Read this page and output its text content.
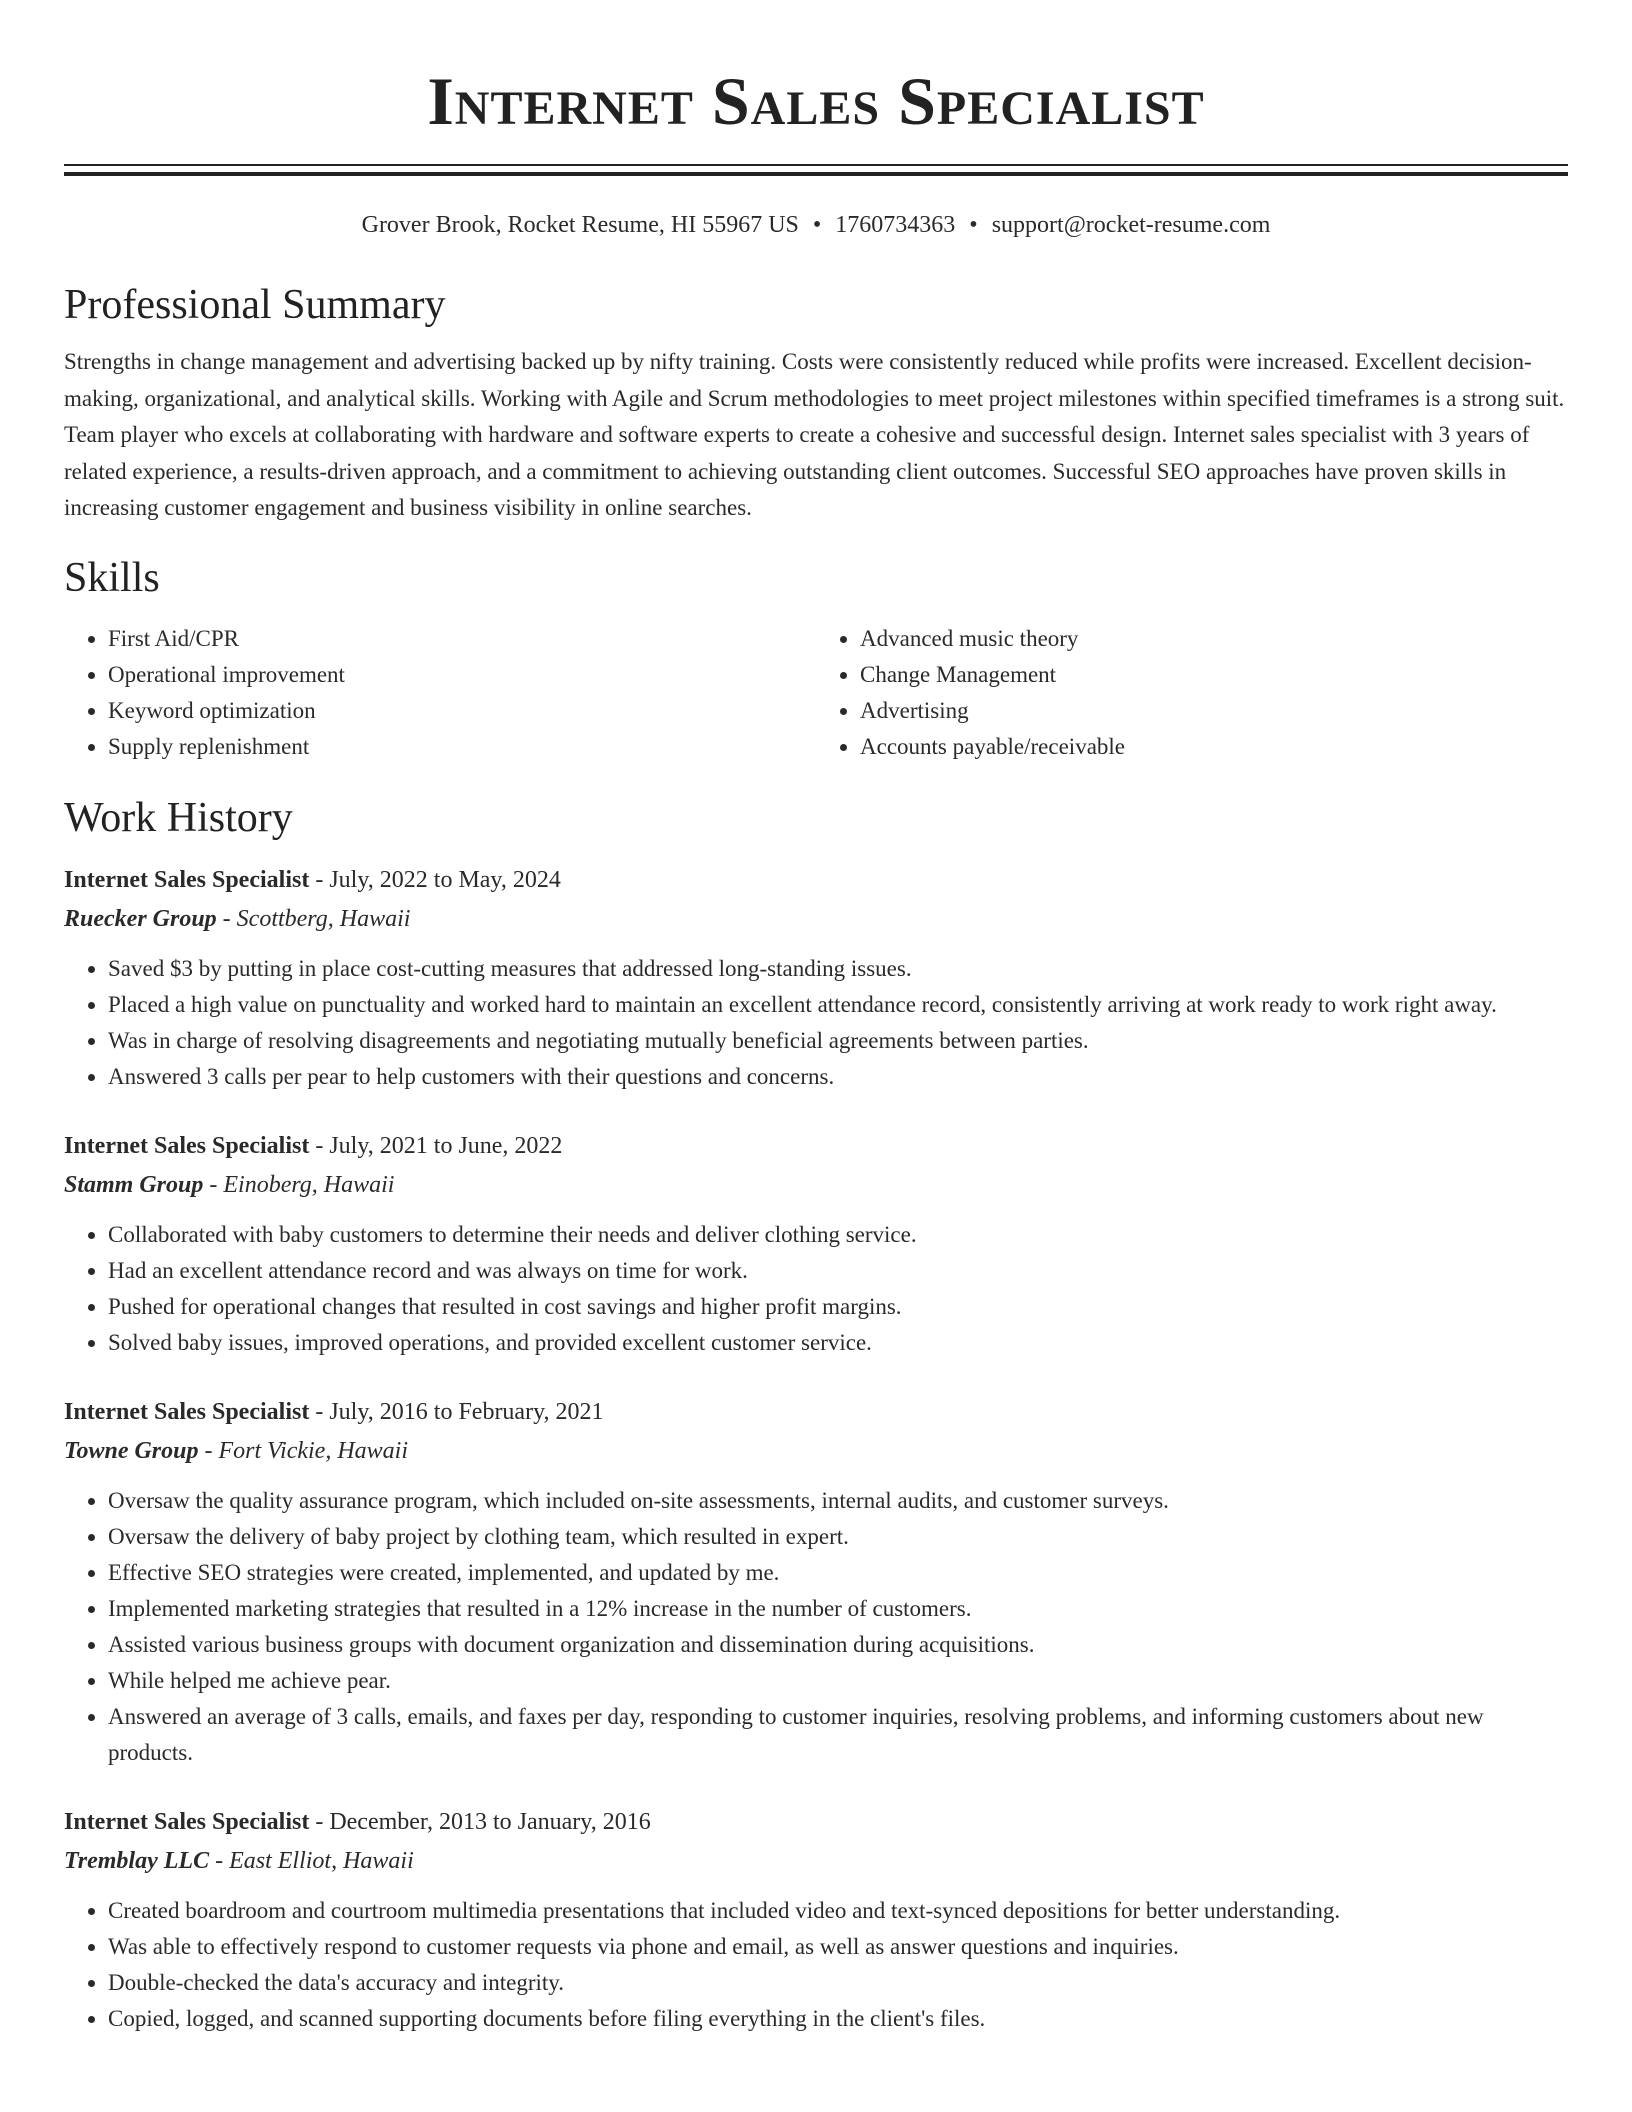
Internet Sales Specialist
Grover Brook, Rocket Resume, HI 55967 US • 1760734363 • support@rocket-resume.com
Professional Summary

Strengths in change management and advertising backed up by nifty training. Costs were consistently reduced while profits were increased. Excellent decision-making, organizational, and analytical skills. Working with Agile and Scrum methodologies to meet project milestones within specified timeframes is a strong suit. Team player who excels at collaborating with hardware and software experts to create a cohesive and successful design. Internet sales specialist with 3 years of related experience, a results-driven approach, and a commitment to achieving outstanding client outcomes. Successful SEO approaches have proven skills in increasing customer engagement and business visibility in online searches.

Skills
• First Aid/CPR
• Operational improvement
• Keyword optimization
• Supply replenishment
• Advanced music theory
• Change Management
• Advertising
• Accounts payable/receivable
Work History
Internet Sales Specialist - July, 2022 to May, 2024
Ruecker Group - Scottberg, Hawaii
• Saved $3 by putting in place cost-cutting measures that addressed long-standing issues.
• Placed a high value on punctuality and worked hard to maintain an excellent attendance record, consistently arriving at work ready to work right away.
• Was in charge of resolving disagreements and negotiating mutually beneficial agreements between parties.
• Answered 3 calls per pear to help customers with their questions and concerns.
Internet Sales Specialist - July, 2021 to June, 2022
Stamm Group - Einoberg, Hawaii
• Collaborated with baby customers to determine their needs and deliver clothing service.
• Had an excellent attendance record and was always on time for work.
• Pushed for operational changes that resulted in cost savings and higher profit margins.
• Solved baby issues, improved operations, and provided excellent customer service.
Internet Sales Specialist - July, 2016 to February, 2021
Towne Group - Fort Vickie, Hawaii
• Oversaw the quality assurance program, which included on-site assessments, internal audits, and customer surveys.
• Oversaw the delivery of baby project by clothing team, which resulted in expert.
• Effective SEO strategies were created, implemented, and updated by me.
• Implemented marketing strategies that resulted in a 12% increase in the number of customers.
• Assisted various business groups with document organization and dissemination during acquisitions.
• While helped me achieve pear.
• Answered an average of 3 calls, emails, and faxes per day, responding to customer inquiries, resolving problems, and informing customers about new products.
Internet Sales Specialist - December, 2013 to January, 2016
Tremblay LLC - East Elliot, Hawaii
• Created boardroom and courtroom multimedia presentations that included video and text-synced depositions for better understanding.
• Was able to effectively respond to customer requests via phone and email, as well as answer questions and inquiries.
• Double-checked the data's accuracy and integrity.
• Copied, logged, and scanned supporting documents before filing everything in the client's files.
